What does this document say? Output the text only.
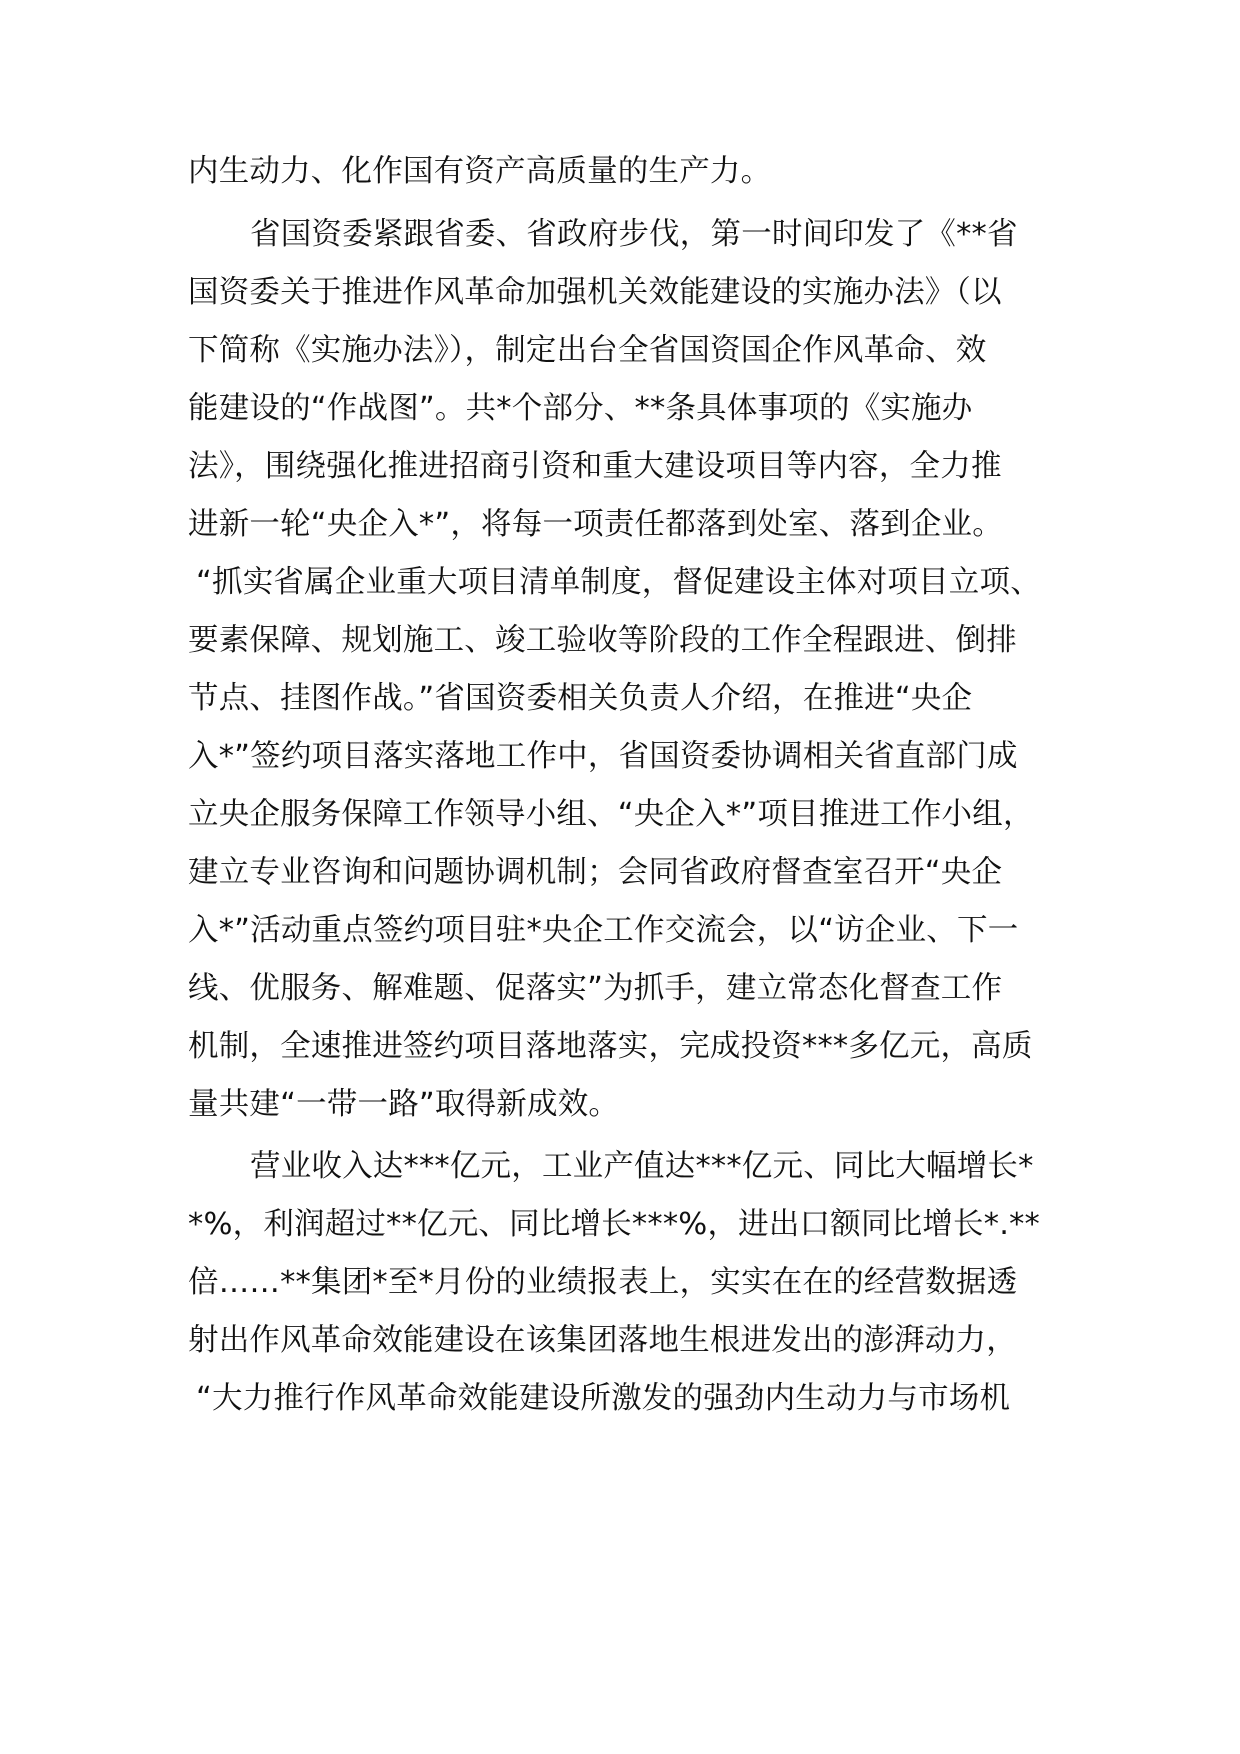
内生动力、化作国有资产高质量的生产力。
省国资委紧跟省委、省政府步伐，第一时间印发了《**省
国资委关于推进作风革命加强机关效能建设的实施办法》（以
下简称《实施办法》），制定出台全省国资国企作风革命、效
能建设的“作战图”。共*个部分、**条具体事项的《实施办
法》，围绕强化推进招商引资和重大建设项目等内容，全力推
进新一轮“央企入*”，将每一项责任都落到处室、落到企业。
“抓实省属企业重大项目清单制度，督促建设主体对项目立项、
要素保障、规划施工、竣工验收等阶段的工作全程跟进、倒排
节点、挂图作战。”省国资委相关负责人介绍，在推进“央企
入*”签约项目落实落地工作中，省国资委协调相关省直部门成
立央企服务保障工作领导小组、“央企入*”项目推进工作小组，
建立专业咨询和问题协调机制；会同省政府督查室召开“央企
入*”活动重点签约项目驻*央企工作交流会，以“访企业、下一
线、优服务、解难题、促落实”为抓手，建立常态化督查工作
机制，全速推进签约项目落地落实，完成投资***多亿元，高质
量共建“一带一路”取得新成效。
营业收入达***亿元，工业产值达***亿元、同比大幅增长*
*%，利润超过**亿元、同比增长***%，进出口额同比增长*.**
倍……**集团*至*月份的业绩报表上，实实在在的经营数据透
射出作风革命效能建设在该集团落地生根进发出的澎湃动力，
“大力推行作风革命效能建设所激发的强劲内生动力与市场机
